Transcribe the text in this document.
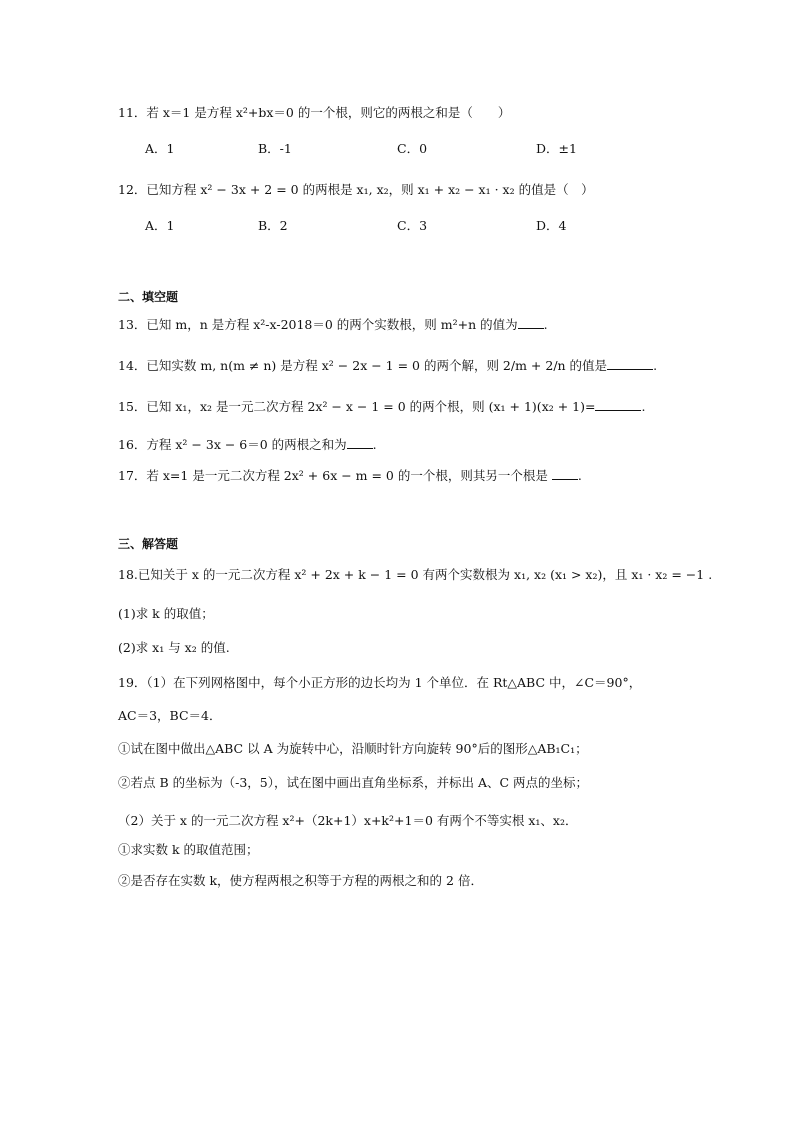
11．若 x＝1 是方程 x²+bx＝0 的一个根，则它的两根之和是（　　）
A．1	B．-1	C．0	D．±1
12．已知方程 x² − 3x + 2 = 0 的两根是 x₁, x₂，则 x₁ + x₂ − x₁ · x₂ 的值是（　）
A．1	B．2	C．3	D．4
二、填空题
13．已知 m，n 是方程 x²-x-2018＝0 的两个实数根，则 m²+n 的值为 .
14．已知实数 m, n(m ≠ n) 是方程 x² − 2x − 1 = 0 的两个解，则 2/m + 2/n 的值是	.
15．已知 x₁，x₂ 是一元二次方程 2x² − x − 1 = 0 的两个根，则 (x₁ + 1)(x₂ + 1)=	.
16．方程 x² − 3x − 6＝0 的两根之和为 .
17．若 x=1 是一元二次方程 2x² + 6x − m = 0 的一个根，则其另一个根是 .
三、解答题
18.已知关于 x 的一元二次方程 x² + 2x + k − 1 = 0 有两个实数根为 x₁, x₂ (x₁ > x₂)，且 x₁ · x₂ = −1 .
(1)求 k 的取值；
(2)求 x₁ 与 x₂ 的值.
19．（1）在下列网格图中，每个小正方形的边长均为 1 个单位．在 Rt△ABC 中，∠C＝90°，
AC＝3，BC＝4．
①试在图中做出△ABC 以 A 为旋转中心，沿顺时针方向旋转 90°后的图形△AB₁C₁；
②若点 B 的坐标为（-3，5），试在图中画出直角坐标系，并标出 A、C 两点的坐标；
（2）关于 x 的一元二次方程 x²+（2k+1）x+k²+1＝0 有两个不等实根 x₁、x₂．
①求实数 k 的取值范围；
②是否存在实数 k，使方程两根之积等于方程的两根之和的 2 倍．
